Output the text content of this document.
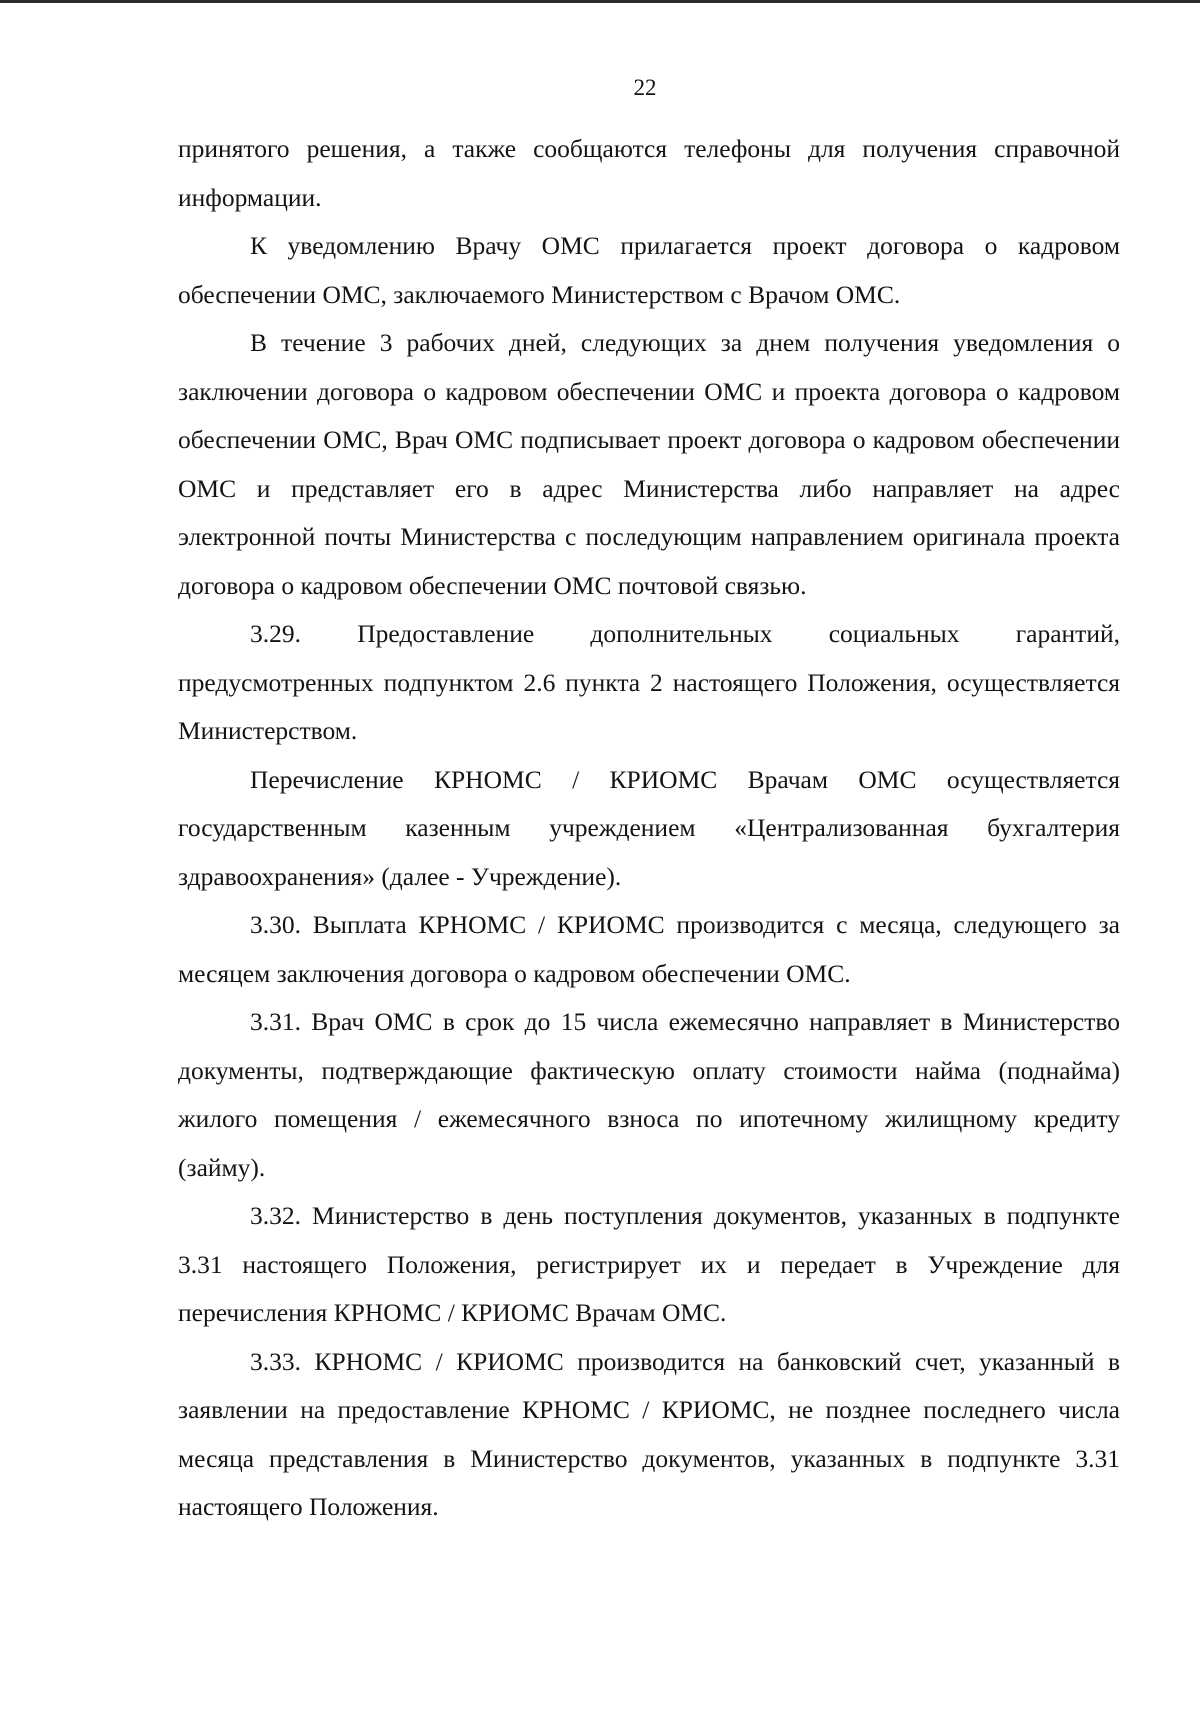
22

принятого решения, а также сообщаются телефоны для получения справочной информации.

К уведомлению Врачу ОМС прилагается проект договора о кадровом обеспечении ОМС, заключаемого Министерством с Врачом ОМС.

В течение 3 рабочих дней, следующих за днем получения уведомления о заключении договора о кадровом обеспечении ОМС и проекта договора о кадровом обеспечении ОМС, Врач ОМС подписывает проект договора о кадровом обеспечении ОМС и представляет его в адрес Министерства либо направляет на адрес электронной почты Министерства с последующим направлением оригинала проекта договора о кадровом обеспечении ОМС почтовой связью.

3.29. Предоставление дополнительных социальных гарантий, предусмотренных подпунктом 2.6 пункта 2 настоящего Положения, осуществляется Министерством.

Перечисление КРНОМС / КРИОМС Врачам ОМС осуществляется государственным казенным учреждением «Централизованная бухгалтерия здравоохранения» (далее - Учреждение).

3.30. Выплата КРНОМС / КРИОМС производится с месяца, следующего за месяцем заключения договора о кадровом обеспечении ОМС.

3.31. Врач ОМС в срок до 15 числа ежемесячно направляет в Министерство документы, подтверждающие фактическую оплату стоимости найма (поднайма) жилого помещения / ежемесячного взноса по ипотечному жилищному кредиту (займу).

3.32. Министерство в день поступления документов, указанных в подпункте 3.31 настоящего Положения, регистрирует их и передает в Учреждение для перечисления КРНОМС / КРИОМС Врачам ОМС.

3.33. КРНОМС / КРИОМС производится на банковский счет, указанный в заявлении на предоставление КРНОМС / КРИОМС, не позднее последнего числа месяца представления в Министерство документов, указанных в подпункте 3.31 настоящего Положения.
